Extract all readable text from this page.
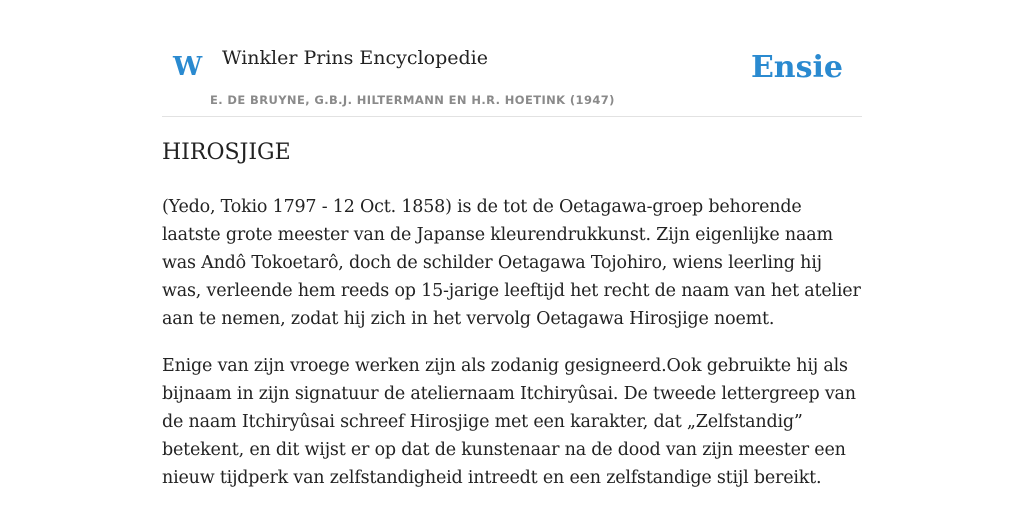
W Winkler Prins Encyclopedie
E. DE BRUYNE, G.B.J. HILTERMANN EN H.R. HOETINK (1947)
Ensie
HIROSJIGE

(Yedo, Tokio 1797 - 12 Oct. 1858) is de tot de Oetagawa-groep behorende laatste grote meester van de Japanse kleurendrukkunst. Zijn eigenlijke naam was Andô Tokoetarô, doch de schilder Oetagawa Tojohiro, wiens leerling hij was, verleende hem reeds op 15-jarige leeftijd het recht de naam van het atelier aan te nemen, zodat hij zich in het vervolg Oetagawa Hirosjige noemt.

Enige van zijn vroege werken zijn als zodanig gesigneerd.Ook gebruikte hij als bijnaam in zijn signatuur de ateliernaam Itchiryûsai. De tweede lettergreep van de naam Itchiryûsai schreef Hirosjige met een karakter, dat „Zelfstandig” betekent, en dit wijst er op dat de kunstenaar na de dood van zijn meester een nieuw tijdperk van zelfstandigheid intreedt en een zelfstandige stijl bereikt.
